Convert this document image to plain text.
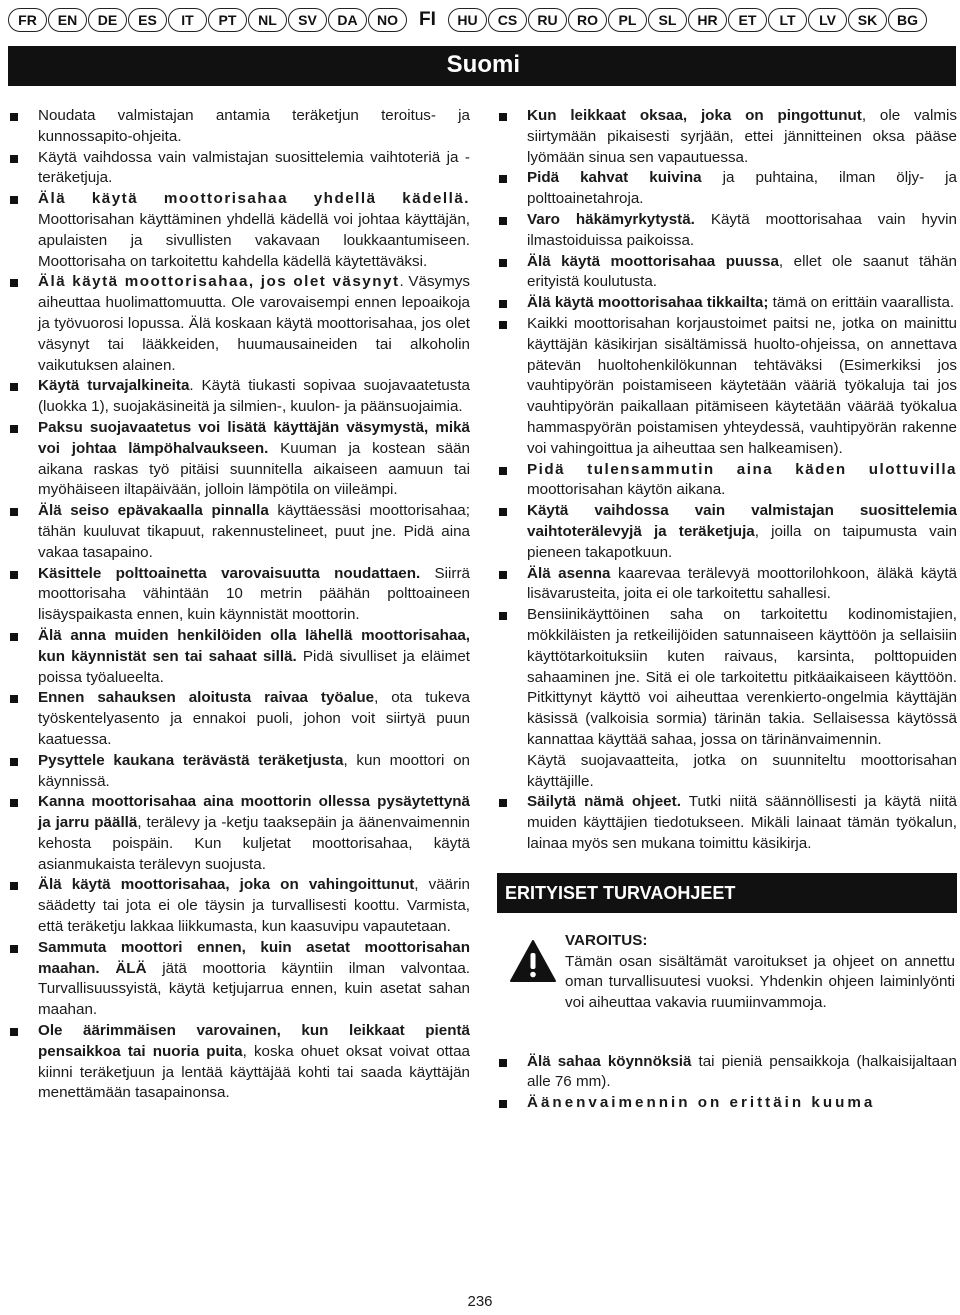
FR	EN	DE	ES	IT	PT	NL	SV	DA	NO	FI	HU	CS	RU	RO	PL	SL	HR	ET	LT	LV	SK	BG
Suomi
Noudata valmistajan antamia teräketjun teroitus- ja kunnossapito-ohjeita.
Käytä vaihdossa vain valmistajan suosittelemia vaihtoteriä ja -teräketjuja.
Älä käytä moottorisahaa yhdellä kädellä. Moottorisahan käyttäminen yhdellä kädellä voi johtaa käyttäjän, apulaisten ja sivullisten vakavaan loukkaantumiseen. Moottorisaha on tarkoitettu kahdella kädellä käytettäväksi.
Älä käytä moottorisahaa, jos olet väsynyt. Väsymys aiheuttaa huolimattomuutta. Ole varovaisempi ennen lepoaikoja ja työvuorosi lopussa. Älä koskaan käytä moottorisahaa, jos olet väsynyt tai lääkkeiden, huumausaineiden tai alkoholin vaikutuksen alainen.
Käytä turvajalkineita. Käytä tiukasti sopivaa suojavaatetusta (luokka 1), suojakäsineitä ja silmien-, kuulon- ja päänsuojaimia.
Paksu suojavaatetus voi lisätä käyttäjän väsymystä, mikä voi johtaa lämpöhalvaukseen. Kuuman ja kostean sään aikana raskas työ pitäisi suunnitella aikaiseen aamuun tai myöhäiseen iltapäivään, jolloin lämpötila on viileämpi.
Älä seiso epävakaalla pinnalla käyttäessäsi moottorisahaa; tähän kuuluvat tikapuut, rakennustelineet, puut jne. Pidä aina vakaa tasapaino.
Käsittele polttoainetta varovaisuutta noudattaen. Siirrä moottorisaha vähintään 10 metrin päähän polttoaineen lisäyspaikasta ennen, kuin käynnistät moottorin.
Älä anna muiden henkilöiden olla lähellä moottorisahaa, kun käynnistät sen tai sahaat sillä. Pidä sivulliset ja eläimet poissa työalueelta.
Ennen sahauksen aloitusta raivaa työalue, ota tukeva työskentelyasento ja ennakoi puoli, johon voit siirtyä puun kaatuessa.
Pysyttele kaukana terävästä teräketjusta, kun moottori on käynnissä.
Kanna moottorisahaa aina moottorin ollessa pysäytettynä ja jarru päällä, terälevy ja -ketju taaksepäin ja äänenvaimennin kehosta poispäin. Kun kuljetat moottorisahaa, käytä asianmukaista terälevyn suojusta.
Älä käytä moottorisahaa, joka on vahingoittunut, väärin säädetty tai jota ei ole täysin ja turvallisesti koottu. Varmista, että teräketju lakkaa liikkumasta, kun kaasuvipu vapautetaan.
Sammuta moottori ennen, kuin asetat moottorisahan maahan. ÄLÄ jätä moottoria käyntiin ilman valvontaa. Turvallisuussyistä, käytä ketjujarrua ennen, kuin asetat sahan maahan.
Ole äärimmäisen varovainen, kun leikkaat pientä pensaikkoa tai nuoria puita, koska ohuet oksat voivat ottaa kiinni teräketjuun ja lentää käyttäjää kohti tai saada käyttäjän menettämään tasapainonsa.
Kun leikkaat oksaa, joka on pingottunut, ole valmis siirtymään pikaisesti syrjään, ettei jännitteinen oksa pääse lyömään sinua sen vapautuessa.
Pidä kahvat kuivina ja puhtaina, ilman öljy- ja polttoainetahroja.
Varo häkämyrkytystä. Käytä moottorisahaa vain hyvin ilmastoiduissa paikoissa.
Älä käytä moottorisahaa puussa, ellet ole saanut tähän erityistä koulutusta.
Älä käytä moottorisahaa tikkailta; tämä on erittäin vaarallista.
Kaikki moottorisahan korjaustoimet paitsi ne, jotka on mainittu käyttäjän käsikirjan sisältämissä huolto-ohjeissa, on annettava pätevän huoltohenkilökunnan tehtäväksi (Esimerkiksi jos vauhtipyörän poistamiseen käytetään vääriä työkaluja tai jos vauhtipyörän paikallaan pitämiseen käytetään väärää työkalua hammaspyörän poistamisen yhteydessä, vauhtipyörän rakenne voi vahingoittua ja aiheuttaa sen halkeamisen).
Pidä tulensammutin aina käden ulottuvilla moottorisahan käytön aikana.
Käytä vaihdossa vain valmistajan suosittelemia vaihtoterälevyjä ja teräketjuja, joilla on taipumusta vain pieneen takapotkuun.
Älä asenna kaarevaa terälevyä moottorilohkoon, äläkä käytä lisävarusteita, joita ei ole tarkoitettu sahallesi.
Bensiinikäyttöinen saha on tarkoitettu kodinomistajien, mökkiläisten ja retkeilijöiden satunnaiseen käyttöön ja sellaisiin käyttötarkoituksiin kuten raivaus, karsinta, polttopuiden sahaaminen jne. Sitä ei ole tarkoitettu pitkäaikaiseen käyttöön. Pitkittynyt käyttö voi aiheuttaa verenkierto-ongelmia käyttäjän käsissä (valkoisia sormia) tärinän takia. Sellaisessa käytössä kannattaa käyttää sahaa, jossa on tärinänvaimennin.
Käytä suojavaatteita, jotka on suunniteltu moottorisahan käyttäjille.
Säilytä nämä ohjeet. Tutki niitä säännöllisesti ja käytä niitä muiden käyttäjien tiedotukseen. Mikäli lainaat tämän työkalun, lainaa myös sen mukana toimittu käsikirja.
ERITYISET TURVAOHJEET
VAROITUS:
Tämän osan sisältämät varoitukset ja ohjeet on annettu oman turvallisuutesi vuoksi. Yhdenkin ohjeen laiminlyönti voi aiheuttaa vakavia ruumiinvammoja.
Älä sahaa köynnöksiä tai pieniä pensaikkoja (halkaisijaltaan alle 76 mm).
Äänenvaimennin on erittäin kuuma
236
